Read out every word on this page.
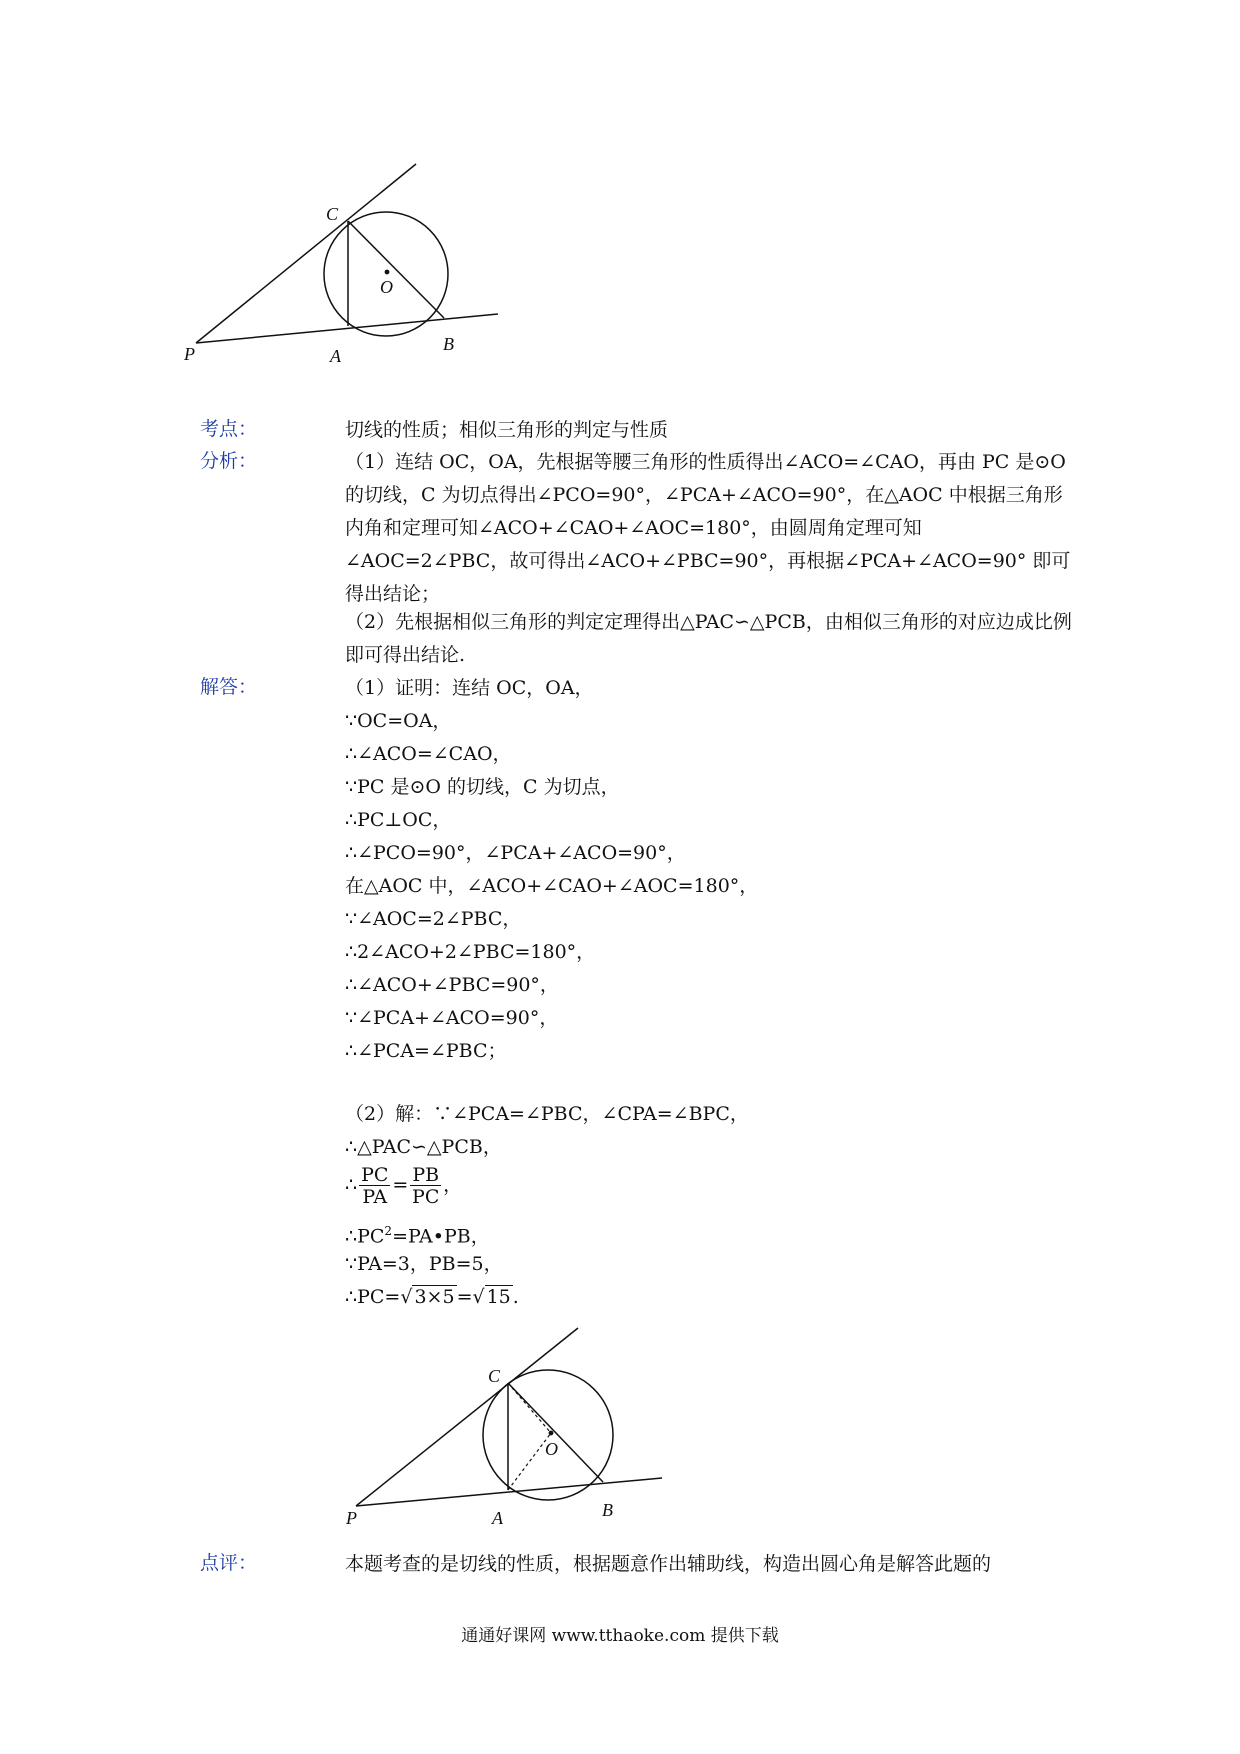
C
O
A
B
P
考点：	切线的性质；相似三角形的判定与性质
分析：	（1）连结 OC，OA，先根据等腰三角形的性质得出∠ACO=∠CAO，再由 PC 是⊙O 的切线，C 为切点得出∠PCO=90°，∠PCA+∠ACO=90°，在△AOC 中根据三角形内角和定理可知∠ACO+∠CAO+∠AOC=180°，由圆周角定理可知∠AOC=2∠PBC，故可得出∠ACO+∠PBC=90°，再根据∠PCA+∠ACO=90° 即可得出结论；
（2）先根据相似三角形的判定定理得出△PAC∽△PCB，由相似三角形的对应边成比例即可得出结论.
解答：	（1）证明：连结 OC，OA，
∵OC=OA，
∴∠ACO=∠CAO，
∵PC 是⊙O 的切线，C 为切点，
∴PC⊥OC，
∴∠PCO=90°，∠PCA+∠ACO=90°，
在△AOC 中，∠ACO+∠CAO+∠AOC=180°，
∵∠AOC=2∠PBC，
∴2∠ACO+2∠PBC=180°，
∴∠ACO+∠PBC=90°，
∵∠PCA+∠ACO=90°，
∴∠PCA=∠PBC；
（2）解：∵∠PCA=∠PBC，∠CPA=∠BPC，
∴△PAC∽△PCB，
∴ $\frac{PC}{PA} = \frac{PB}{PC}$ ，
$\therefore PC^2=PA•PB$，
∵PA=3，PB=5，
∴PC=√ 3×5 =√ 15 .
C
O
A	B
P
点评：	本题考查的是切线的性质，根据题意作出辅助线，构造出圆心角是解答此题的
通通好课网 www.tthaoke.com 提供下载
